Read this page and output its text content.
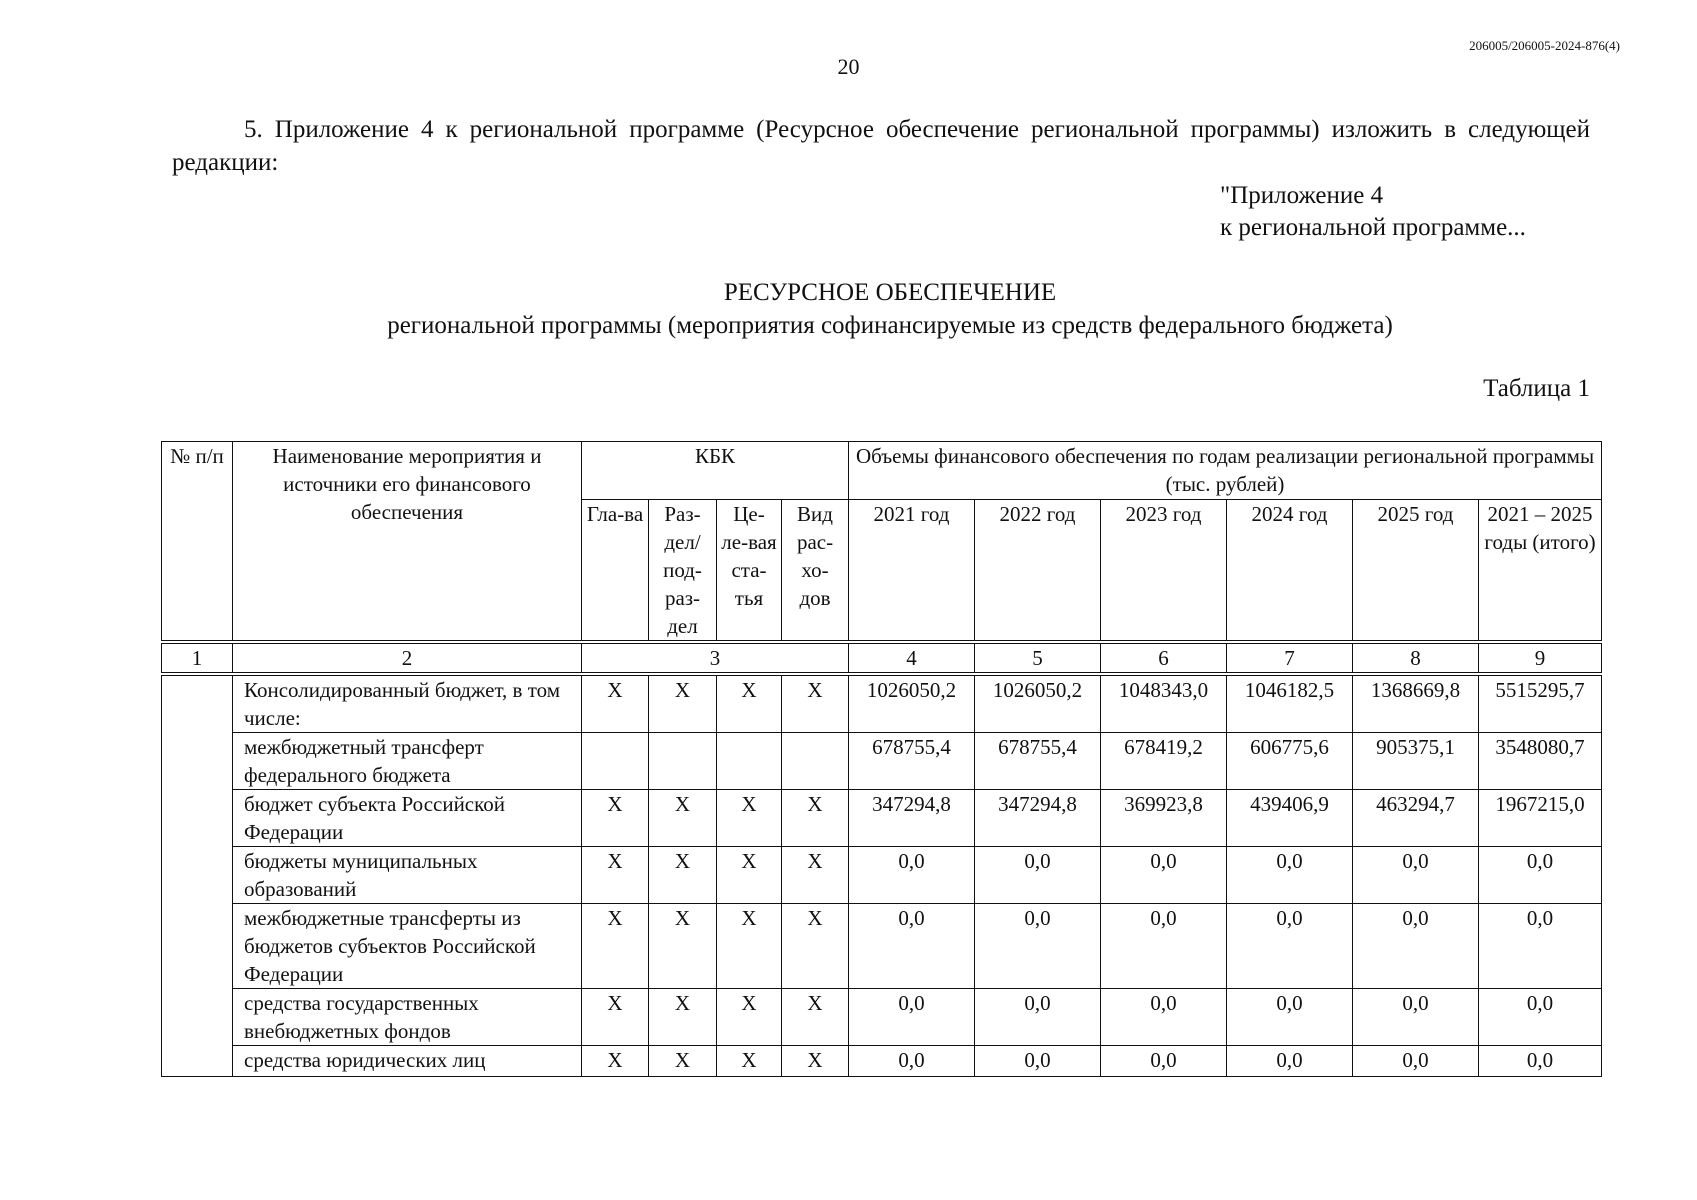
206005/206005-2024-876(4)
20
5. Приложение 4 к региональной программе (Ресурсное обеспечение региональной программы) изложить в следующей редакции:
"Приложение 4
к региональной программе...
РЕСУРСНОЕ ОБЕСПЕЧЕНИЕ
региональной программы (мероприятия софинансируемые из средств федерального бюджета)
Таблица 1
№ п/п	Наименование мероприятия и источники его финансового обеспечения	КБК				Объемы финансового обеспечения по годам реализации региональной программы (тыс. рублей)					
		Гла-ва	Раз-дел/ под-раз-дел	Це-ле-вая ста-тья	Вид рас-хо-дов	2021 год	2022 год	2023 год	2024 год	2025 год	2021 – 2025 годы (итого)
1	2	3				4	5	6	7	8	9
	Консолидированный бюджет, в том числе:	Х	Х	Х	Х	1026050,2	1026050,2	1048343,0	1046182,5	1368669,8	5515295,7
	межбюджетный трансферт федерального бюджета					678755,4	678755,4	678419,2	606775,6	905375,1	3548080,7
	бюджет субъекта Российской Федерации	Х	Х	Х	Х	347294,8	347294,8	369923,8	439406,9	463294,7	1967215,0
	бюджеты муниципальных образований	Х	Х	Х	Х	0,0	0,0	0,0	0,0	0,0	0,0
	межбюджетные трансферты из бюджетов субъектов Российской Федерации	Х	Х	Х	Х	0,0	0,0	0,0	0,0	0,0	0,0
	средства государственных внебюджетных фондов	Х	Х	Х	Х	0,0	0,0	0,0	0,0	0,0	0,0
	средства юридических лиц	Х	Х	Х	Х	0,0	0,0	0,0	0,0	0,0	0,0
